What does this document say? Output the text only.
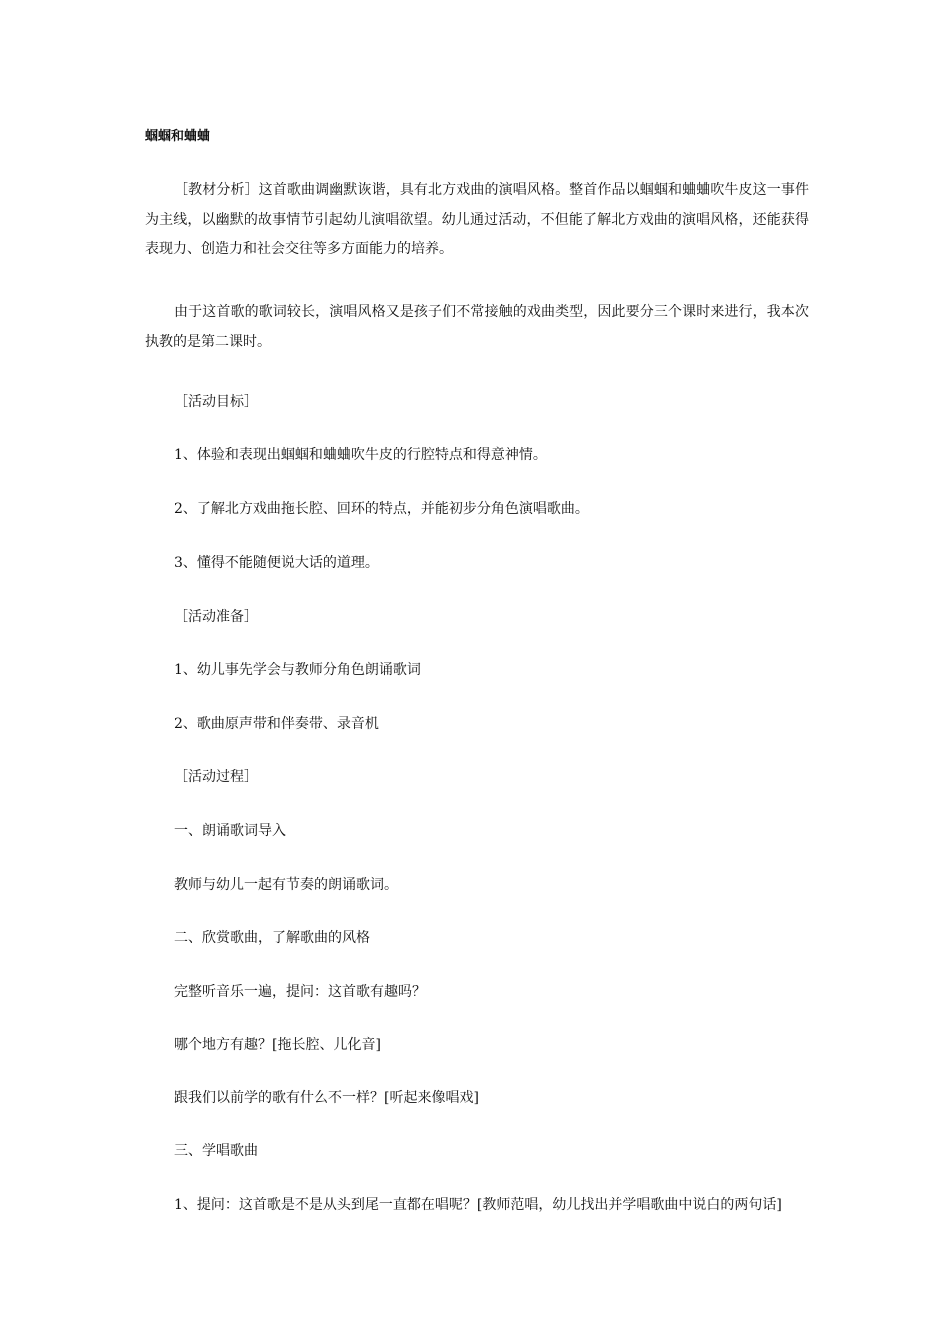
蝈蝈和蛐蛐

［教材分析］这首歌曲调幽默诙谐，具有北方戏曲的演唱风格。整首作品以蝈蝈和蛐蛐吹牛皮这一事件为主线，以幽默的故事情节引起幼儿演唱欲望。幼儿通过活动，不但能了解北方戏曲的演唱风格，还能获得表现力、创造力和社会交往等多方面能力的培养。

由于这首歌的歌词较长，演唱风格又是孩子们不常接触的戏曲类型，因此要分三个课时来进行，我本次执教的是第二课时。

［活动目标］
1、体验和表现出蝈蝈和蛐蛐吹牛皮的行腔特点和得意神情。
2、了解北方戏曲拖长腔、回环的特点，并能初步分角色演唱歌曲。
3、懂得不能随便说大话的道理。
［活动准备］
1、幼儿事先学会与教师分角色朗诵歌词
2、歌曲原声带和伴奏带、录音机
［活动过程］
一、朗诵歌词导入
教师与幼儿一起有节奏的朗诵歌词。
二、欣赏歌曲，了解歌曲的风格
完整听音乐一遍，提问：这首歌有趣吗？
哪个地方有趣？[拖长腔、儿化音]
跟我们以前学的歌有什么不一样？[听起来像唱戏]
三、学唱歌曲
1、提问：这首歌是不是从头到尾一直都在唱呢？[教师范唱，幼儿找出并学唱歌曲中说白的两句话]
